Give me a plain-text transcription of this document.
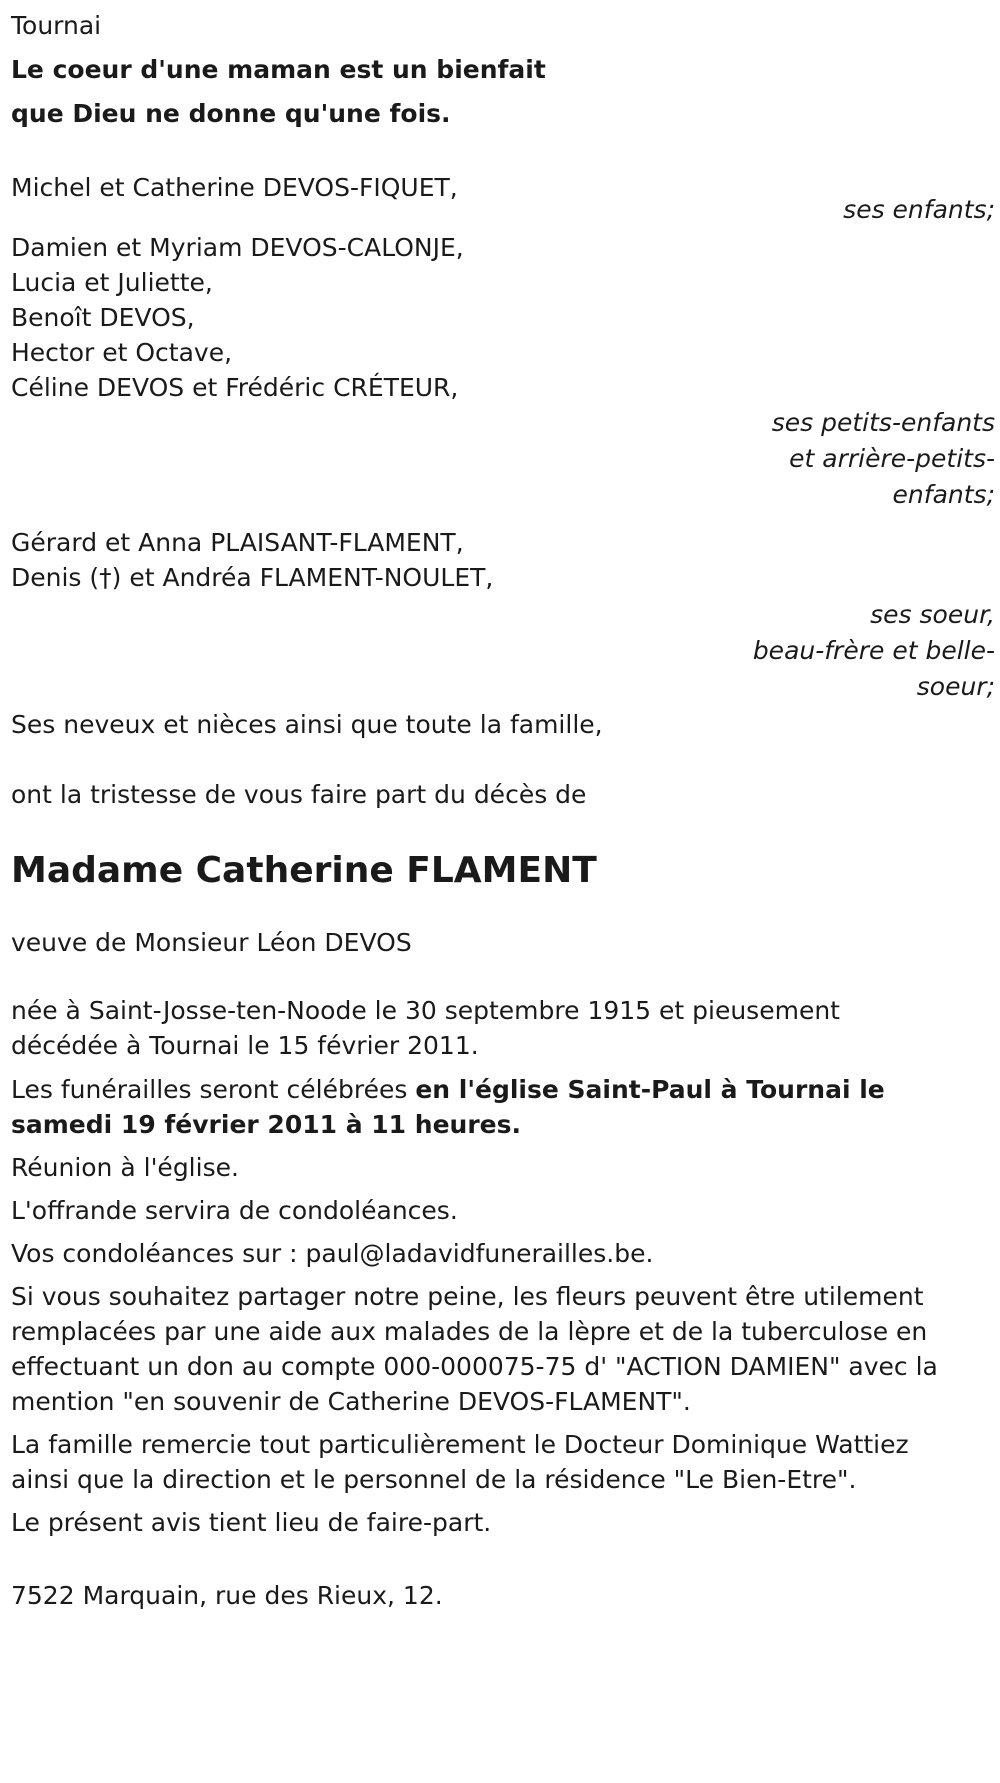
Tournai
Le coeur d'une maman est un bienfait
que Dieu ne donne qu'une fois.
Michel et Catherine DEVOS-FIQUET,
ses enfants;
Damien et Myriam DEVOS-CALONJE,
Lucia et Juliette,
Benoît DEVOS,
Hector et Octave,
Céline DEVOS et Frédéric CRÉTEUR,
ses petits-enfants
et arrière-petits-
enfants;
Gérard et Anna PLAISANT-FLAMENT,
Denis (†) et Andréa FLAMENT-NOULET,
ses soeur,
beau-frère et belle-
soeur;
Ses neveux et nièces ainsi que toute la famille,
ont la tristesse de vous faire part du décès de
Madame Catherine FLAMENT
veuve de Monsieur Léon DEVOS
née à Saint-Josse-ten-Noode le 30 septembre 1915 et pieusement
décédée à Tournai le 15 février 2011.
Les funérailles seront célébrées en l'église Saint-Paul à Tournai le
samedi 19 février 2011 à 11 heures.
Réunion à l'église.
L'offrande servira de condoléances.
Vos condoléances sur : paul@ladavidfunerailles.be.
Si vous souhaitez partager notre peine, les fleurs peuvent être utilement
remplacées par une aide aux malades de la lèpre et de la tuberculose en
effectuant un don au compte 000-000075-75 d' "ACTION DAMIEN" avec la
mention "en souvenir de Catherine DEVOS-FLAMENT".
La famille remercie tout particulièrement le Docteur Dominique Wattiez
ainsi que la direction et le personnel de la résidence "Le Bien-Etre".
Le présent avis tient lieu de faire-part.
7522 Marquain, rue des Rieux, 12.
